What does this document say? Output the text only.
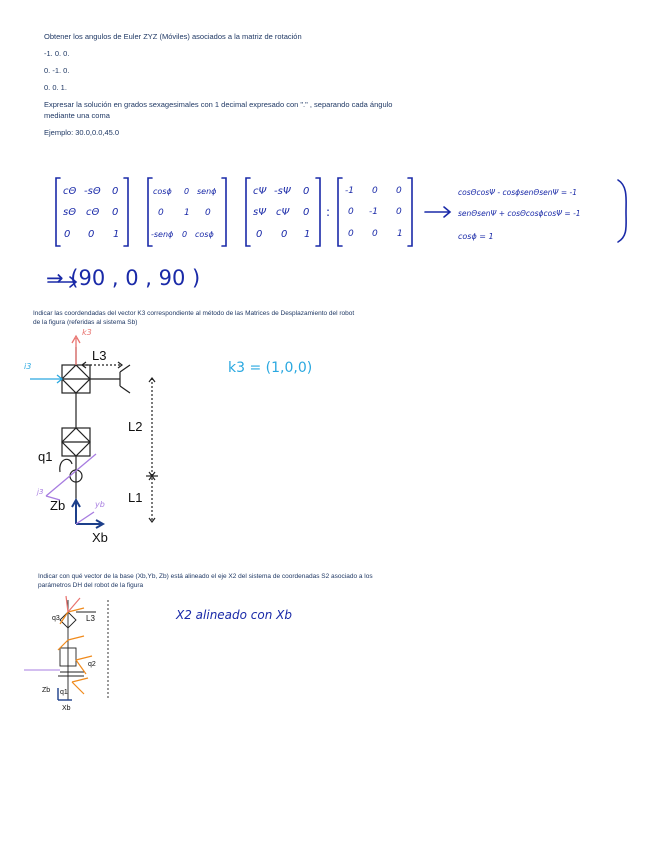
Obtener los angulos de Euler ZYZ (Móviles) asociados a la matriz de rotación
-1. 0. 0.
0. -1. 0.
0. 0. 1.
Expresar la solución en grados sexagesimales con 1 decimal expresado con "." , separando cada ángulo
mediante una coma
Ejemplo: 30.0,0.0,45.0
cΘ -sΘ 0
sΘ cΘ 0
0 0 1
cosϕ 0 senϕ
0 1 0
-senϕ 0 cosϕ
cΨ -sΨ 0
sΨ cΨ 0
0 0 1
:
-1 0 0
0 -1 0
0 0 1
cosΘcosΨ - cosϕsenΘsenΨ = -1
senΘsenΨ + cosΘcosϕcosΨ = -1
cosϕ = 1
→ (90 , 0 , 90 )
Indicar las coordendadas del vector K3 correspondiente al método de las Matrices de Desplazamiento del robot
de la figura (referidas al sistema Sb)
k3
i3
L3
L2
L1
q1
Zb
Xb
yb
j3
k3 = (1,0,0)
Indicar con qué vector de la base (Xb,Yb, Zb) está alineado el eje X2 del sistema de coordenadas S2 asociado a los
parámetros DH del robot de la figura
L3
q2
q3
q1
Zb
Xb
X2 alineado con Xb
